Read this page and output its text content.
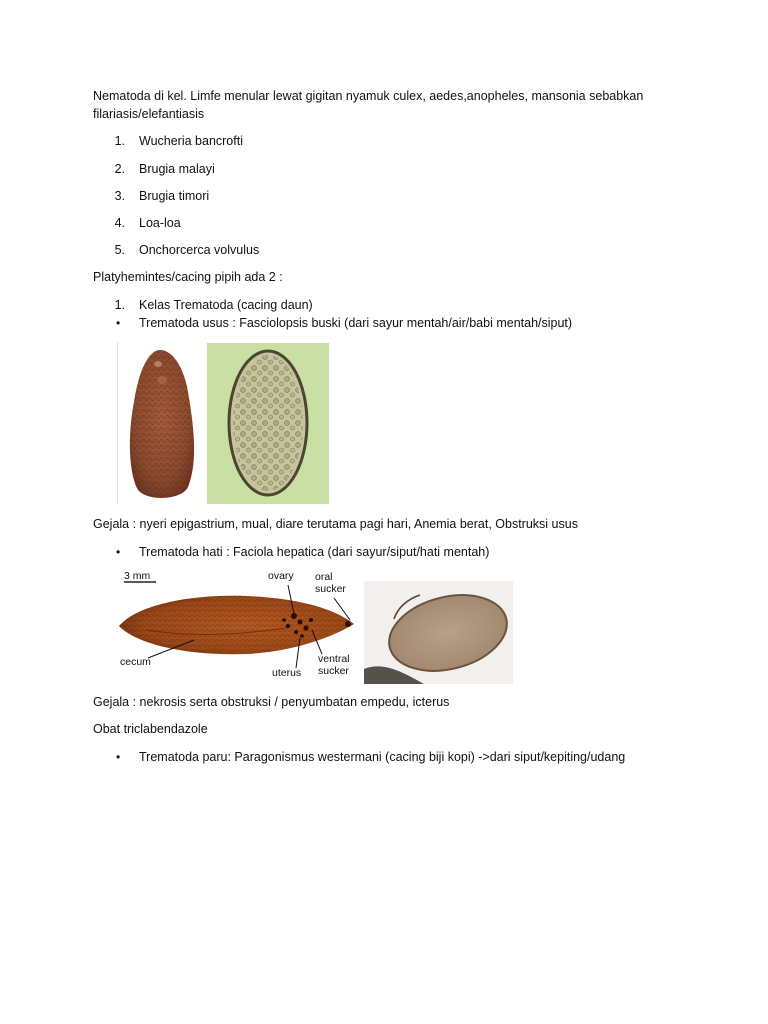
Nematoda di kel. Limfe menular lewat gigitan nyamuk culex, aedes,anopheles, mansonia sebabkan
filariasis/elefantiasis
1. Wucheria bancrofti
2. Brugia malayi
3. Brugia timori
4. Loa-loa
5. Onchorcerca volvulus
Platyhemintes/cacing pipih ada 2 :
1. Kelas Trematoda (cacing daun)
• Trematoda usus : Fasciolopsis buski (dari sayur mentah/air/babi mentah/siput)
Gejala : nyeri epigastrium, mual, diare terutama pagi hari, Anemia berat, Obstruksi usus
• Trematoda hati : Faciola hepatica (dari sayur/siput/hati mentah)
3 mm	ovary oral
sucker
cecum
uterus
ventral
sucker
Gejala : nekrosis serta obstruksi / penyumbatan empedu, icterus
Obat triclabendazole
• Trematoda paru: Paragonismus westermani (cacing biji kopi) ->dari siput/kepiting/udang
